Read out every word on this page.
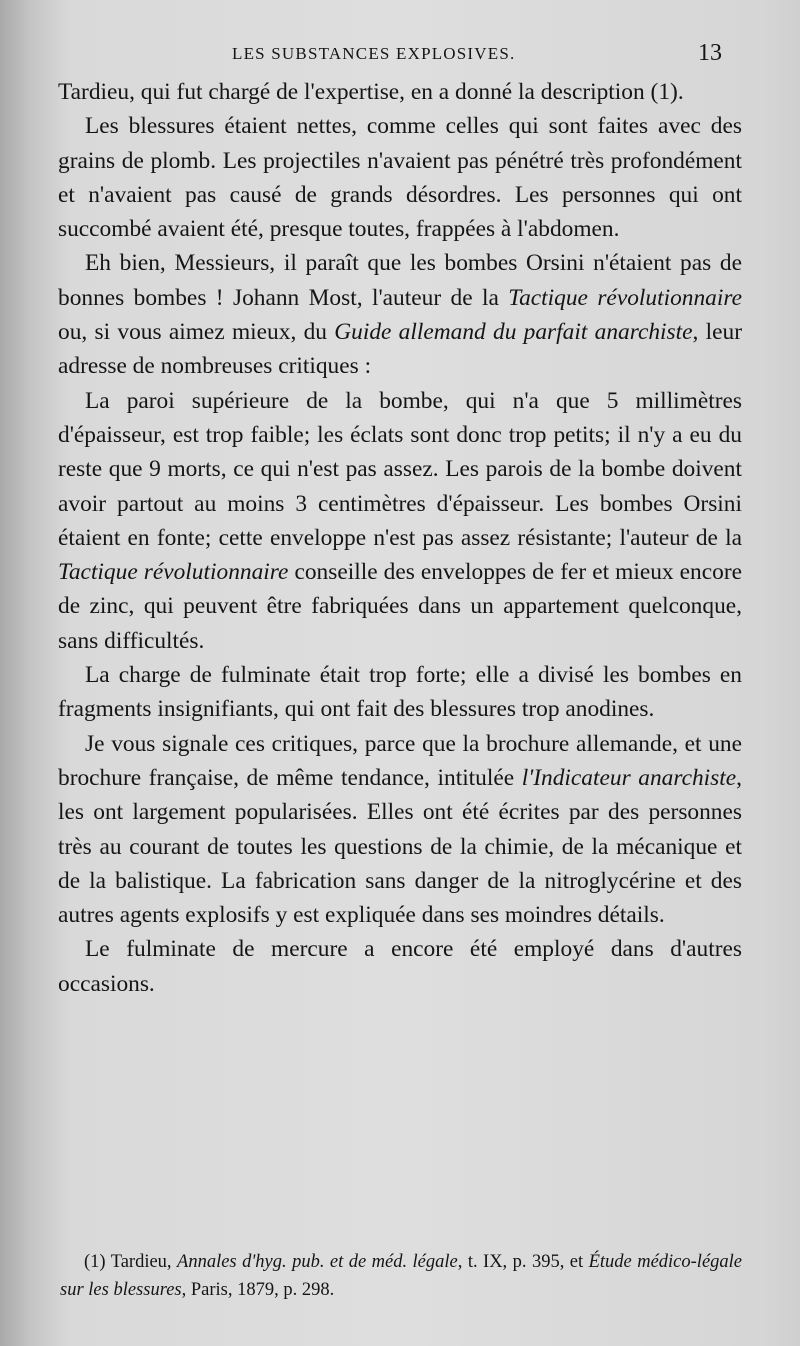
LES SUBSTANCES EXPLOSIVES.	13

Tardieu, qui fut chargé de l'expertise, en a donné la description (1).

Les blessures étaient nettes, comme celles qui sont faites avec des grains de plomb. Les projectiles n'avaient pas pénétré très profondément et n'avaient pas causé de grands désordres. Les personnes qui ont succombé avaient été, presque toutes, frappées à l'abdomen.

Eh bien, Messieurs, il paraît que les bombes Orsini n'étaient pas de bonnes bombes ! Johann Most, l'auteur de la Tactique révolutionnaire ou, si vous aimez mieux, du Guide allemand du parfait anarchiste, leur adresse de nombreuses critiques :

La paroi supérieure de la bombe, qui n'a que 5 millimètres d'épaisseur, est trop faible; les éclats sont donc trop petits; il n'y a eu du reste que 9 morts, ce qui n'est pas assez. Les parois de la bombe doivent avoir partout au moins 3 centimètres d'épaisseur. Les bombes Orsini étaient en fonte; cette enveloppe n'est pas assez résistante; l'auteur de la Tactique révolutionnaire conseille des enveloppes de fer et mieux encore de zinc, qui peuvent être fabriquées dans un appartement quelconque, sans difficultés.

La charge de fulminate était trop forte; elle a divisé les bombes en fragments insignifiants, qui ont fait des blessures trop anodines.

Je vous signale ces critiques, parce que la brochure allemande, et une brochure française, de même tendance, intitulée l'Indicateur anarchiste, les ont largement popularisées. Elles ont été écrites par des personnes très au courant de toutes les questions de la chimie, de la mécanique et de la balistique. La fabrication sans danger de la nitroglycérine et des autres agents explosifs y est expliquée dans ses moindres détails.

Le fulminate de mercure a encore été employé dans d'autres occasions.

(1) Tardieu, Annales d'hyg. pub. et de méd. légale, t. IX, p. 395, et Étude médico-légale sur les blessures, Paris, 1879, p. 298.
